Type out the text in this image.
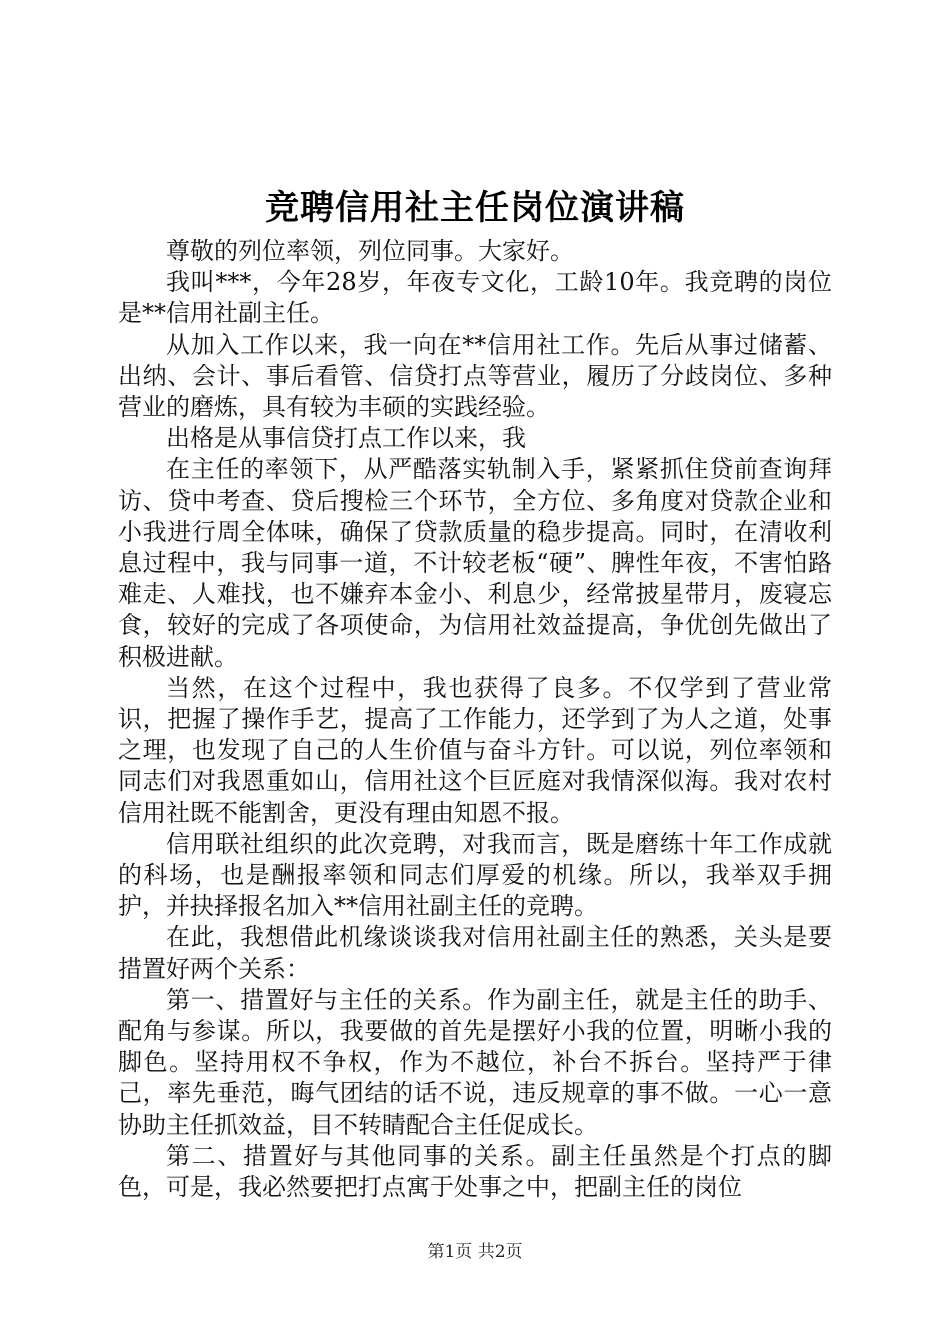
竞聘信用社主任岗位演讲稿

尊敬的列位率领，列位同事。大家好。

我叫***，今年28岁，年夜专文化，工龄10年。我竞聘的岗位是**信用社副主任。

从加入工作以来，我一向在**信用社工作。先后从事过储蓄、出纳、会计、事后看管、信贷打点等营业，履历了分歧岗位、多种营业的磨炼，具有较为丰硕的实践经验。

出格是从事信贷打点工作以来，我

在主任的率领下，从严酷落实轨制入手，紧紧抓住贷前查询拜访、贷中考查、贷后搜检三个环节，全方位、多角度对贷款企业和小我进行周全体味，确保了贷款质量的稳步提高。同时，在清收利息过程中，我与同事一道，不计较老板“硬”、脾性年夜，不害怕路难走、人难找，也不嫌弃本金小、利息少，经常披星带月，废寝忘食，较好的完成了各项使命，为信用社效益提高，争优创先做出了积极进献。

当然，在这个过程中，我也获得了良多。不仅学到了营业常识，把握了操作手艺，提高了工作能力，还学到了为人之道，处事之理，也发现了自己的人生价值与奋斗方针。可以说，列位率领和同志们对我恩重如山，信用社这个巨匠庭对我情深似海。我对农村信用社既不能割舍，更没有理由知恩不报。

信用联社组织的此次竞聘，对我而言，既是磨练十年工作成就的科场，也是酬报率领和同志们厚爱的机缘。所以，我举双手拥护，并抉择报名加入**信用社副主任的竞聘。

在此，我想借此机缘谈谈我对信用社副主任的熟悉，关头是要措置好两个关系：

第一、措置好与主任的关系。作为副主任，就是主任的助手、配角与参谋。所以，我要做的首先是摆好小我的位置，明晰小我的脚色。坚持用权不争权，作为不越位，补台不拆台。坚持严于律己，率先垂范，晦气团结的话不说，违反规章的事不做。一心一意协助主任抓效益，目不转睛配合主任促成长。

第二、措置好与其他同事的关系。副主任虽然是个打点的脚色，可是，我必然要把打点寓于处事之中，把副主任的岗位

第1页 共2页
